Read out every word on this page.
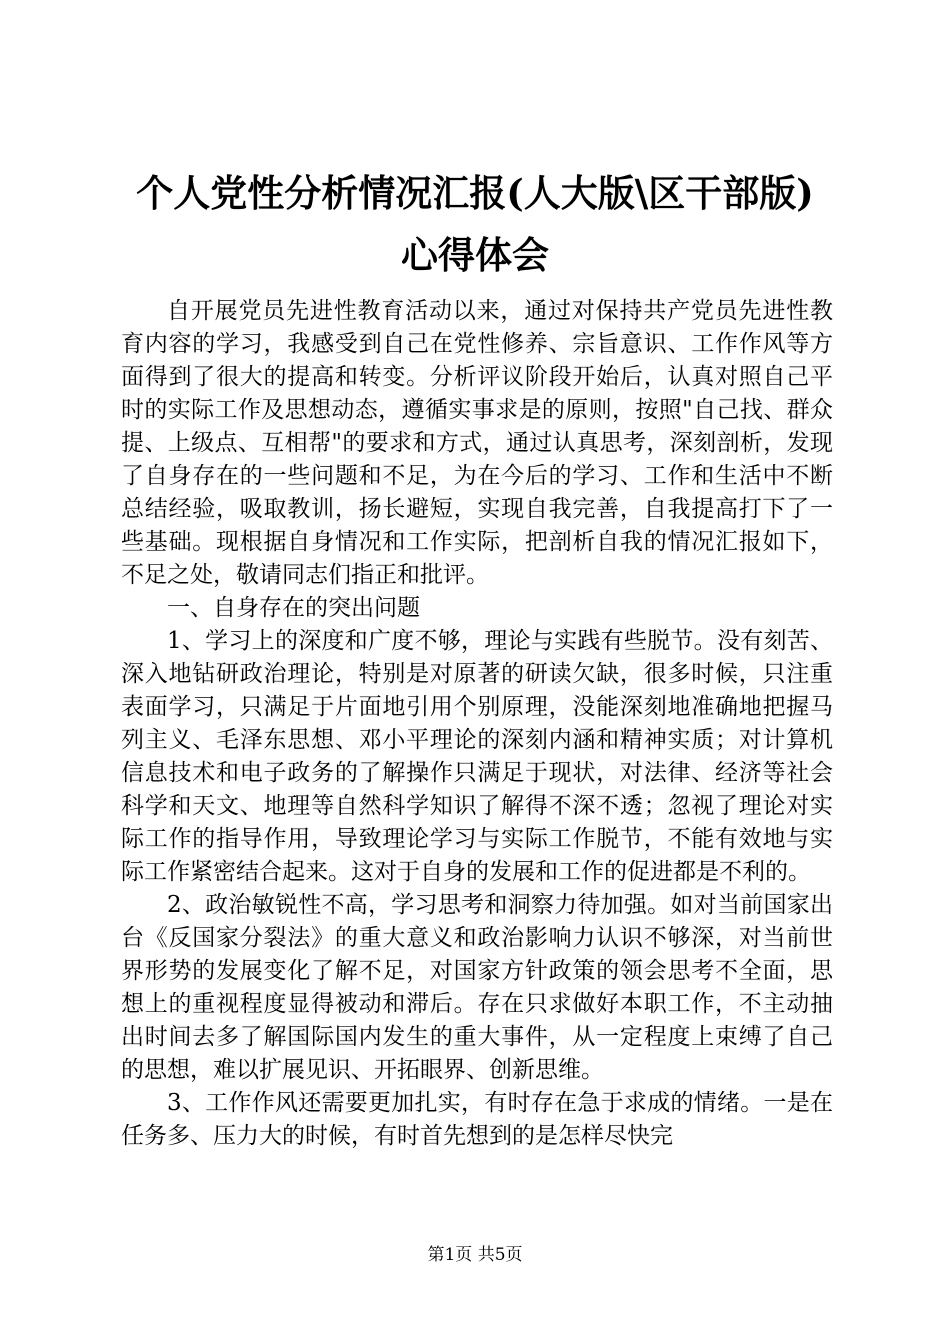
个人党性分析情况汇报(人大版\区干部版)心得体会

自开展党员先进性教育活动以来，通过对保持共产党员先进性教育内容的学习，我感受到自己在党性修养、宗旨意识、工作作风等方面得到了很大的提高和转变。分析评议阶段开始后，认真对照自己平时的实际工作及思想动态，遵循实事求是的原则，按照"自己找、群众提、上级点、互相帮"的要求和方式，通过认真思考，深刻剖析，发现了自身存在的一些问题和不足，为在今后的学习、工作和生活中不断总结经验，吸取教训，扬长避短，实现自我完善，自我提高打下了一些基础。现根据自身情况和工作实际，把剖析自我的情况汇报如下，不足之处，敬请同志们指正和批评。

一、自身存在的突出问题

1、学习上的深度和广度不够，理论与实践有些脱节。没有刻苦、深入地钻研政治理论，特别是对原著的研读欠缺，很多时候，只注重表面学习，只满足于片面地引用个别原理，没能深刻地准确地把握马列主义、毛泽东思想、邓小平理论的深刻内涵和精神实质；对计算机信息技术和电子政务的了解操作只满足于现状，对法律、经济等社会科学和天文、地理等自然科学知识了解得不深不透；忽视了理论对实际工作的指导作用，导致理论学习与实际工作脱节，不能有效地与实际工作紧密结合起来。这对于自身的发展和工作的促进都是不利的。

2、政治敏锐性不高，学习思考和洞察力待加强。如对当前国家出台《反国家分裂法》的重大意义和政治影响力认识不够深，对当前世界形势的发展变化了解不足，对国家方针政策的领会思考不全面，思想上的重视程度显得被动和滞后。存在只求做好本职工作，不主动抽出时间去多了解国际国内发生的重大事件，从一定程度上束缚了自己的思想，难以扩展见识、开拓眼界、创新思维。

3、工作作风还需要更加扎实，有时存在急于求成的情绪。一是在任务多、压力大的时候，有时首先想到的是怎样尽快完

第1页 共5页
